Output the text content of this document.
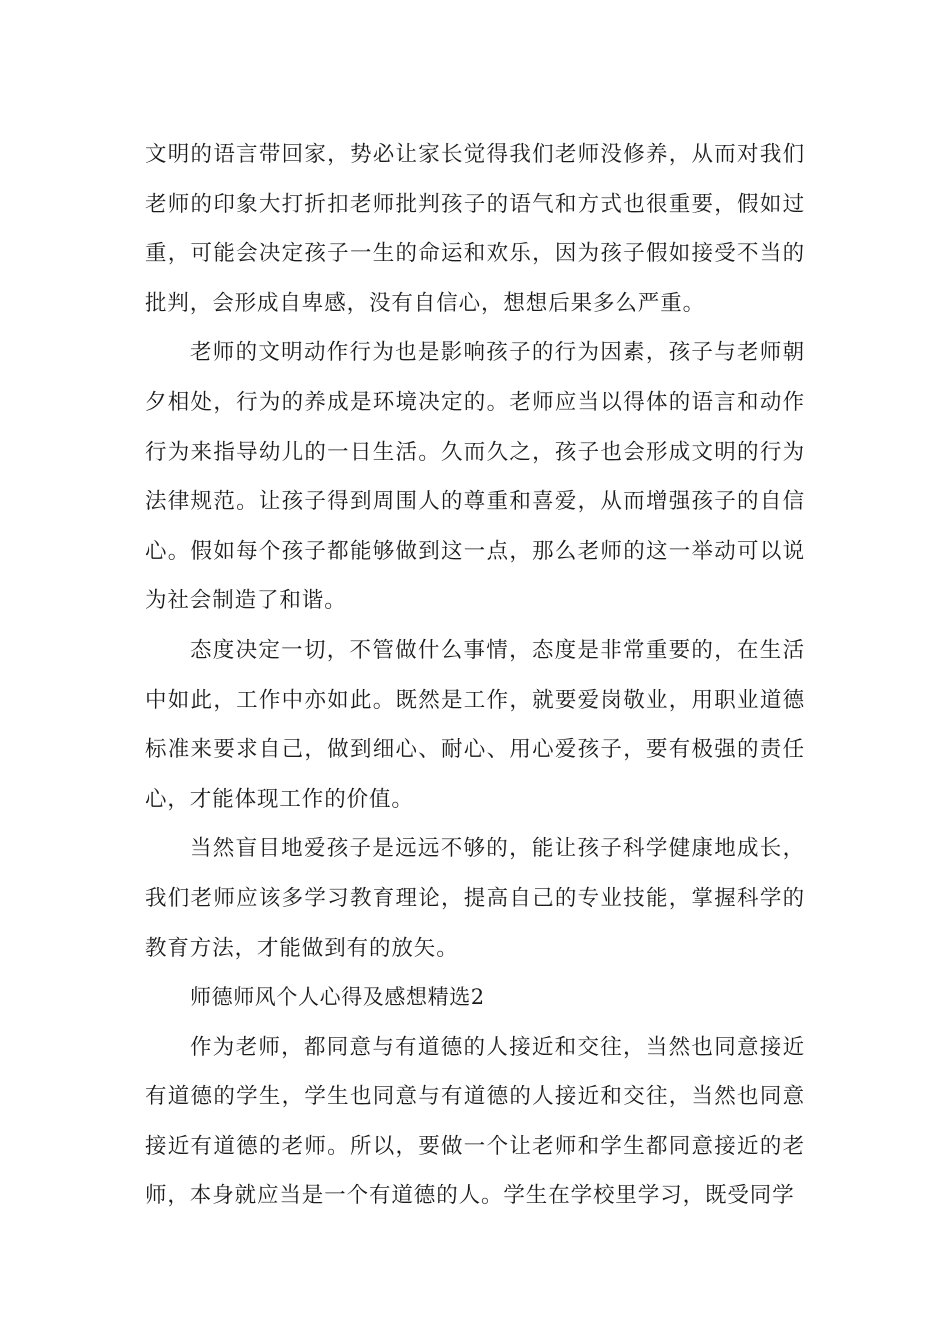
文明的语言带回家，势必让家长觉得我们老师没修养，从而对我们老师的印象大打折扣老师批判孩子的语气和方式也很重要，假如过重，可能会决定孩子一生的命运和欢乐，因为孩子假如接受不当的批判，会形成自卑感，没有自信心，想想后果多么严重。

老师的文明动作行为也是影响孩子的行为因素，孩子与老师朝夕相处，行为的养成是环境决定的。老师应当以得体的语言和动作行为来指导幼儿的一日生活。久而久之，孩子也会形成文明的行为法律规范。让孩子得到周围人的尊重和喜爱，从而增强孩子的自信心。假如每个孩子都能够做到这一点，那么老师的这一举动可以说为社会制造了和谐。

态度决定一切，不管做什么事情，态度是非常重要的，在生活中如此，工作中亦如此。既然是工作，就要爱岗敬业，用职业道德标准来要求自己，做到细心、耐心、用心爱孩子，要有极强的责任心，才能体现工作的价值。

当然盲目地爱孩子是远远不够的，能让孩子科学健康地成长，我们老师应该多学习教育理论，提高自己的专业技能，掌握科学的教育方法，才能做到有的放矢。

师德师风个人心得及感想精选2

作为老师，都同意与有道德的人接近和交往，当然也同意接近有道德的学生，学生也同意与有道德的人接近和交往，当然也同意接近有道德的老师。所以，要做一个让老师和学生都同意接近的老师，本身就应当是一个有道德的人。学生在学校里学习，既受同学
